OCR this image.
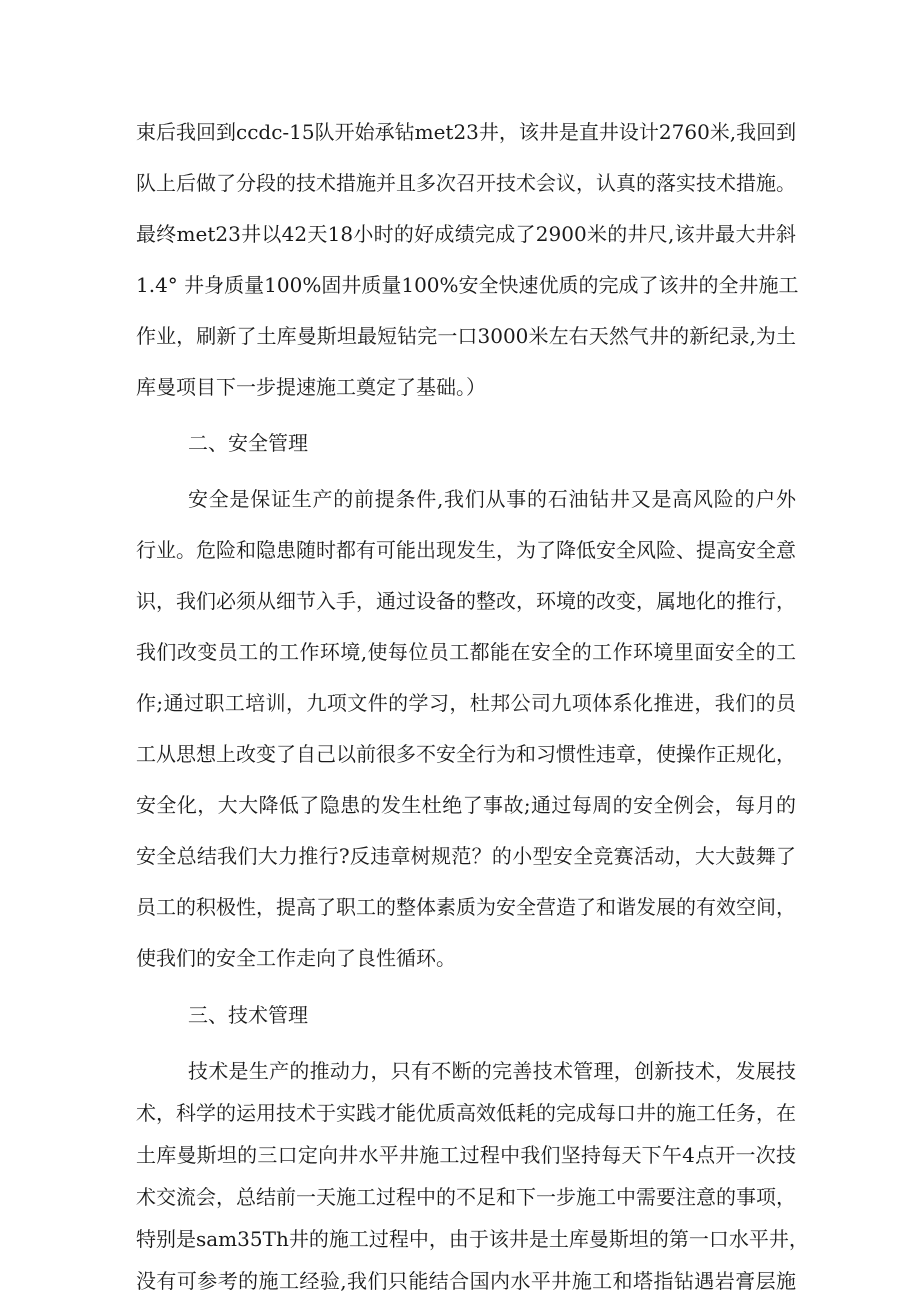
束后我回到ccdc-15队开始承钻met23井，该井是直井设计2760米,我回到
队上后做了分段的技术措施并且多次召开技术会议，认真的落实技术措施。
最终met23井以42天18小时的好成绩完成了2900米的井尺,该井最大井斜
1.4° 井身质量100%固井质量100%安全快速优质的完成了该井的全井施工
作业，刷新了土库曼斯坦最短钻完一口3000米左右天然气井的新纪录,为土
库曼项目下一步提速施工奠定了基础。）
二、安全管理
安全是保证生产的前提条件,我们从事的石油钻井又是高风险的户外
行业。危险和隐患随时都有可能出现发生，为了降低安全风险、提高安全意
识，我们必须从细节入手，通过设备的整改，环境的改变，属地化的推行，
我们改变员工的工作环境,使每位员工都能在安全的工作环境里面安全的工
作;通过职工培训，九项文件的学习，杜邦公司九项体系化推进，我们的员
工从思想上改变了自己以前很多不安全行为和习惯性违章，使操作正规化，
安全化，大大降低了隐患的发生杜绝了事故;通过每周的安全例会，每月的
安全总结我们大力推行?反违章树规范？的小型安全竞赛活动，大大鼓舞了
员工的积极性，提高了职工的整体素质为安全营造了和谐发展的有效空间，
使我们的安全工作走向了良性循环。
三、技术管理
技术是生产的推动力，只有不断的完善技术管理，创新技术，发展技
术，科学的运用技术于实践才能优质高效低耗的完成每口井的施工任务，在
土库曼斯坦的三口定向井水平井施工过程中我们坚持每天下午4点开一次技
术交流会，总结前一天施工过程中的不足和下一步施工中需要注意的事项，
特别是sam35Th井的施工过程中，由于该井是土库曼斯坦的第一口水平井，
没有可参考的施工经验,我们只能结合国内水平井施工和塔指钻遇岩膏层施
